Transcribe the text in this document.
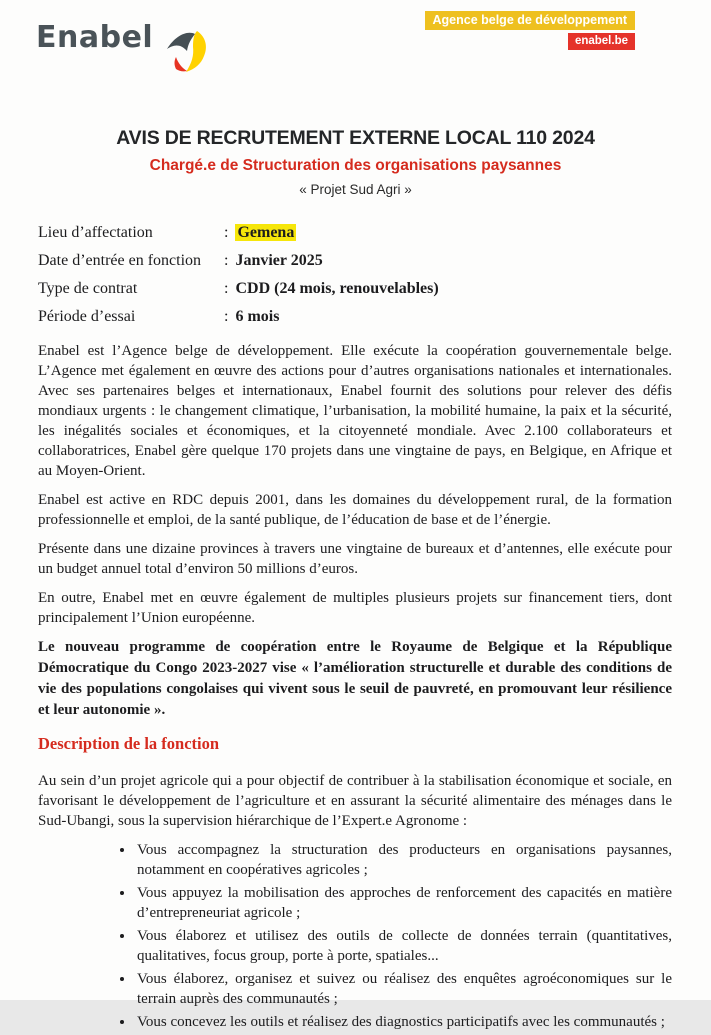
Enabel	Agence belge de développement
enabel.be
AVIS DE RECRUTEMENT EXTERNE LOCAL 110 2024
Chargé.e de Structuration des organisations paysannes
« Projet Sud Agri »
Lieu d’affectation	: Gemena
Date d’entrée en fonction	: Janvier 2025
Type de contrat	: CDD (24 mois, renouvelables)
Période d’essai	: 6 mois

Enabel est l’Agence belge de développement. Elle exécute la coopération gouvernementale belge. L’Agence met également en œuvre des actions pour d’autres organisations nationales et internationales. Avec ses partenaires belges et internationaux, Enabel fournit des solutions pour relever des défis mondiaux urgents : le changement climatique, l’urbanisation, la mobilité humaine, la paix et la sécurité, les inégalités sociales et économiques, et la citoyenneté mondiale. Avec 2.100 collaborateurs et collaboratrices, Enabel gère quelque 170 projets dans une vingtaine de pays, en Belgique, en Afrique et au Moyen-Orient.

Enabel est active en RDC depuis 2001, dans les domaines du développement rural, de la formation professionnelle et emploi, de la santé publique, de l’éducation de base et de l’énergie.

Présente dans une dizaine provinces à travers une vingtaine de bureaux et d’antennes, elle exécute pour un budget annuel total d’environ 50 millions d’euros.

En outre, Enabel met en œuvre également de multiples plusieurs projets sur financement tiers, dont principalement l’Union européenne.

Le nouveau programme de coopération entre le Royaume de Belgique et la République Démocratique du Congo 2023-2027 vise « l’amélioration structurelle et durable des conditions de vie des populations congolaises qui vivent sous le seuil de pauvreté, en promouvant leur résilience et leur autonomie ».

Description de la fonction

Au sein d’un projet agricole qui a pour objectif de contribuer à la stabilisation économique et sociale, en favorisant le développement de l’agriculture et en assurant la sécurité alimentaire des ménages dans le Sud-Ubangi, sous la supervision hiérarchique de l’Expert.e Agronome :

• Vous accompagnez la structuration des producteurs en organisations paysannes, notamment en coopératives agricoles ;
• Vous appuyez la mobilisation des approches de renforcement des capacités en matière d’entrepreneuriat agricole ;
• Vous élaborez et utilisez des outils de collecte de données terrain (quantitatives, qualitatives, focus group, porte à porte, spatiales...
• Vous élaborez, organisez et suivez ou réalisez des enquêtes agroéconomiques sur le terrain auprès des communautés ;
• Vous concevez les outils et réalisez des diagnostics participatifs avec les communautés ;
